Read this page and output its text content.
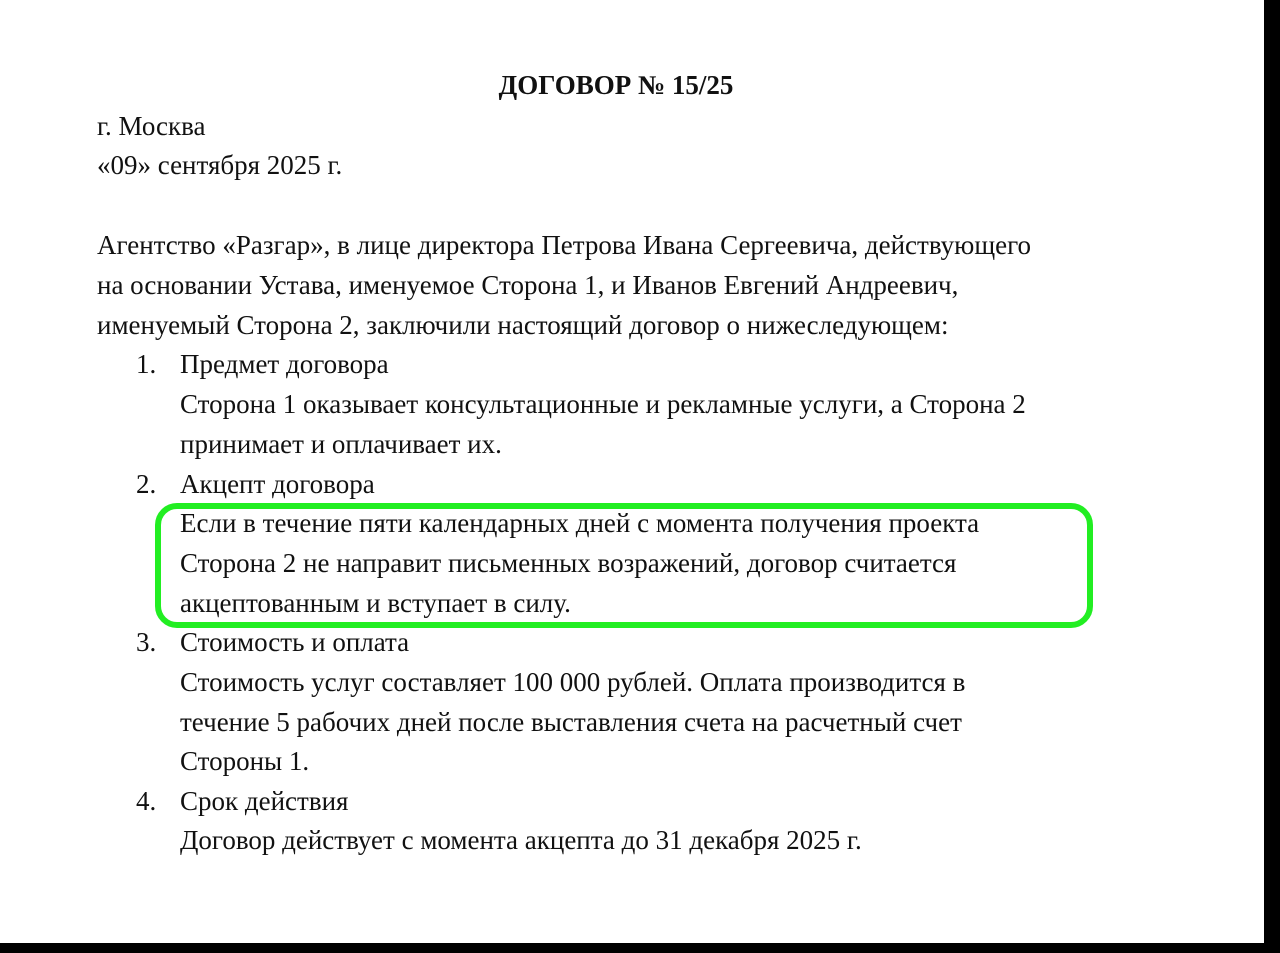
ДОГОВОР № 15/25
г. Москва
«09» сентября 2025 г.
Агентство «Разгар», в лице директора Петрова Ивана Сергеевича, действующего
на основании Устава, именуемое Сторона 1, и Иванов Евгений Андреевич,
именуемый Сторона 2, заключили настоящий договор о нижеследующем:
1. Предмет договора
Сторона 1 оказывает консультационные и рекламные услуги, а Сторона 2
принимает и оплачивает их.
2. Акцепт договора
Если в течение пяти календарных дней с момента получения проекта
Сторона 2 не направит письменных возражений, договор считается
акцептованным и вступает в силу.
3. Стоимость и оплата
Стоимость услуг составляет 100 000 рублей. Оплата производится в
течение 5 рабочих дней после выставления счета на расчетный счет
Стороны 1.
4. Срок действия
Договор действует с момента акцепта до 31 декабря 2025 г.
